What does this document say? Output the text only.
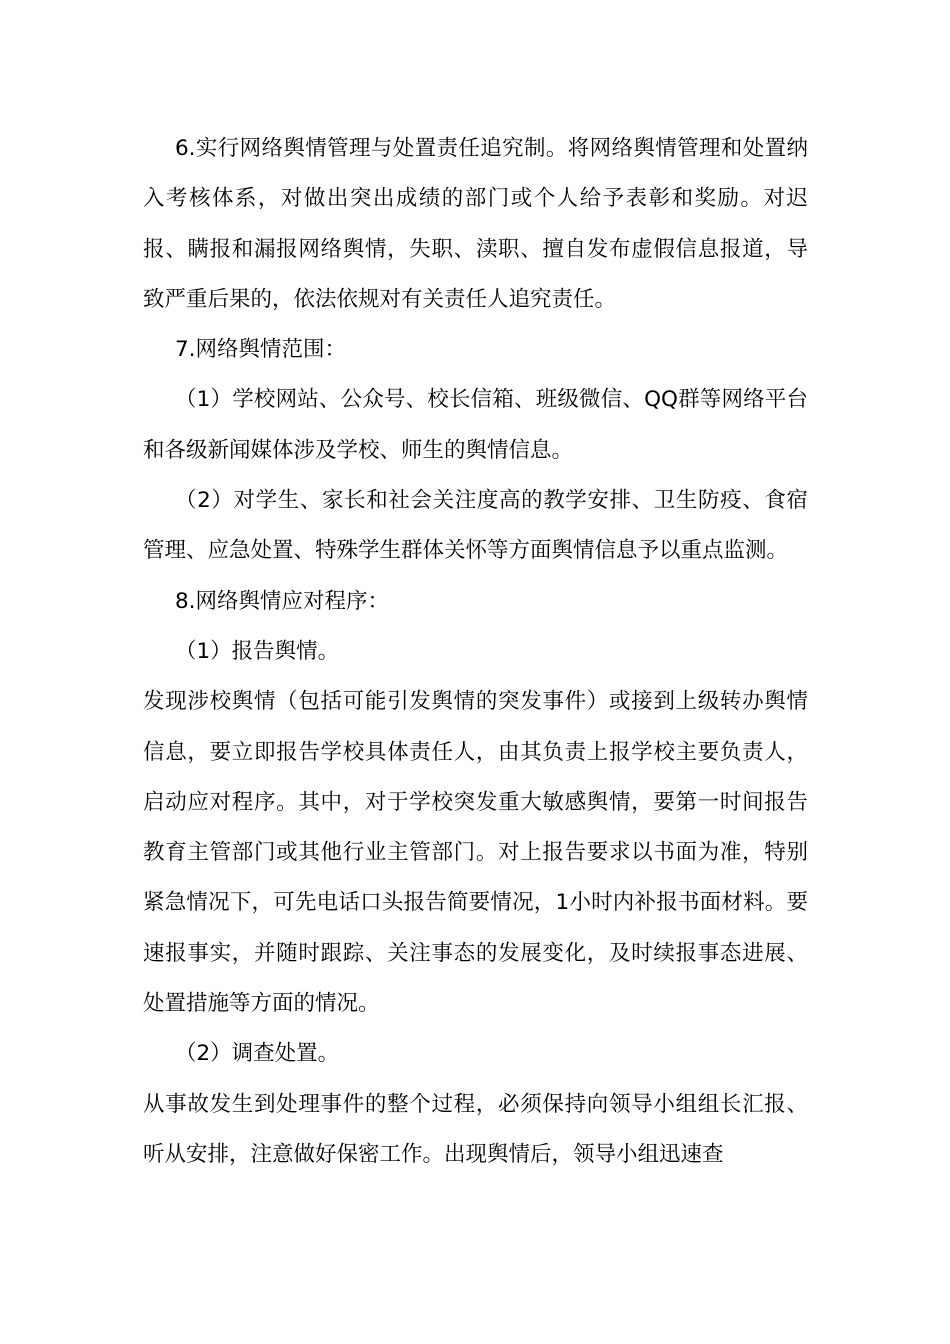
6.实行网络舆情管理与处置责任追究制。将网络舆情管理和处置纳入考核体系，对做出突出成绩的部门或个人给予表彰和奖励。对迟报、瞒报和漏报网络舆情，失职、渎职、擅自发布虚假信息报道，导致严重后果的，依法依规对有关责任人追究责任。

7.网络舆情范围：

（1）学校网站、公众号、校长信箱、班级微信、QQ群等网络平台和各级新闻媒体涉及学校、师生的舆情信息。

（2）对学生、家长和社会关注度高的教学安排、卫生防疫、食宿管理、应急处置、特殊学生群体关怀等方面舆情信息予以重点监测。

8.网络舆情应对程序：

（1）报告舆情。

发现涉校舆情（包括可能引发舆情的突发事件）或接到上级转办舆情信息，要立即报告学校具体责任人，由其负责上报学校主要负责人，启动应对程序。其中，对于学校突发重大敏感舆情，要第一时间报告教育主管部门或其他行业主管部门。对上报告要求以书面为准，特别紧急情况下，可先电话口头报告简要情况，1小时内补报书面材料。要速报事实，并随时跟踪、关注事态的发展变化，及时续报事态进展、处置措施等方面的情况。

（2）调查处置。

从事故发生到处理事件的整个过程，必须保持向领导小组组长汇报、听从安排，注意做好保密工作。出现舆情后，领导小组迅速查
